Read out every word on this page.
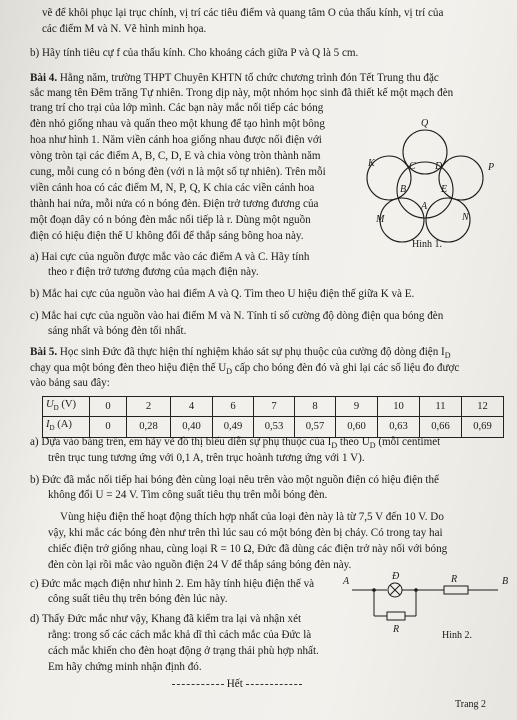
vẽ để khôi phục lại trục chính, vị trí các tiêu điểm và quang tâm O của thấu kính, vị trí của
các điểm M và N. Vẽ hình minh họa.
b) Hãy tính tiêu cự f của thấu kính. Cho khoảng cách giữa P và Q là 5 cm.
Bài 4. Hằng năm, trường THPT Chuyên KHTN tổ chức chương trình đón Tết Trung thu đặc
sắc mang tên Đêm trăng Tự nhiên. Trong dịp này, một nhóm học sinh đã thiết kế một mạch đèn
trang trí cho trại của lớp mình. Các bạn này mắc nối tiếp các bóng
đèn nhỏ giống nhau và quấn theo một khung để tạo hình một bông
hoa như hình 1. Năm viền cánh hoa giống nhau được nối điện với
vòng tròn tại các điểm A, B, C, D, E và chia vòng tròn thành năm
cung, mỗi cung có n bóng đèn (với n là một số tự nhiên). Trên mỗi
viền cánh hoa có các điểm M, N, P, Q, K chia các viền cánh hoa
thành hai nửa, mỗi nửa có n bóng đèn. Điện trở tương đương của
một đoạn dây có n bóng đèn mắc nối tiếp là r. Dùng một nguồn
điện có hiệu điện thế U không đổi để thắp sáng bông hoa này.
a) Hai cực của nguồn được mắc vào các điểm A và C. Hãy tính
theo r điện trở tương đương của mạch điện này.
b) Mắc hai cực của nguồn vào hai điểm A và Q. Tìm theo U hiệu điện thế giữa K và E.
c) Mắc hai cực của nguồn vào hai điểm M và N. Tính tỉ số cường độ dòng điện qua bóng đèn
sáng nhất và bóng đèn tối nhất.
Q
K	C D	P
B	E
A
M	N
Hình 1.
Bài 5. Học sinh Đức đã thực hiện thí nghiệm khảo sát sự phụ thuộc của cường độ dòng điện $I_D$
chạy qua một bóng đèn theo hiệu điện thế $U_D$ cấp cho bóng đèn đó và ghi lại các số liệu đo được
vào bảng sau đây:
$U_D$ (V)	0	2	4	6	7	8	9	10	11	12
$I_D$ (A)	0	0,28	0,40	0,49	0,53	0,57	0,60	0,63	0,66	0,69
a) Dựa vào bảng trên, em hãy vẽ đồ thị biểu diễn sự phụ thuộc của $I_D$ theo $U_D$ (mỗi centimet
trên trục tung tương ứng với 0,1 A, trên trục hoành tương ứng với 1 V).
b) Đức đã mắc nối tiếp hai bóng đèn cùng loại nêu trên vào một nguồn điện có hiệu điện thế
không đổi U = 24 V. Tìm công suất tiêu thụ trên mỗi bóng đèn.
Vùng hiệu điện thế hoạt động thích hợp nhất của loại đèn này là từ 7,5 V đến 10 V. Do
vậy, khi mắc các bóng đèn như trên thì lúc sau có một bóng đèn bị cháy. Có trong tay hai
chiếc điện trở giống nhau, cùng loại R = 10 Ω, Đức đã dùng các điện trở này nối với bóng
đèn còn lại rồi mắc vào nguồn điện 24 V để thắp sáng bóng đèn này.
c) Đức mắc mạch điện như hình 2. Em hãy tính hiệu điện thế và
công suất tiêu thụ trên bóng đèn lúc này.
d) Thấy Đức mắc như vậy, Khang đã kiểm tra lại và nhận xét
rằng: trong số các cách mắc khả dĩ thì cách mắc của Đức là
cách mắc khiến cho đèn hoạt động ở trạng thái phù hợp nhất.
Em hãy chứng minh nhận định đó.
A	Đ	R	B
R
Hình 2.
Hết
Trang 2
